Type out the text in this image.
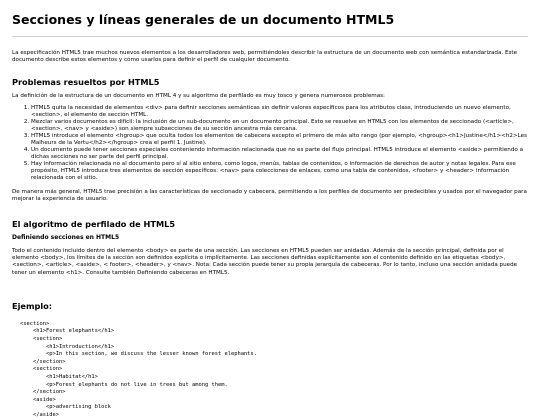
Secciones y líneas generales de un documento HTML5

La especificación HTML5 trae muchos nuevos elementos a los desarrolladores web, permitiéndoles describir la estructura de un documento web con semántica estandarizada. Este documento describe estos elementos y cómo usarlos para definir el perfil de cualquier documento.

Problemas resueltos por HTML5

La definición de la estructura de un documento en HTML 4 y su algoritmo de perfilado es muy tosco y genera numerosos problemas:

1. HTML5 quita la necesidad de elementos <div> para definir secciones semánticas sin definir valores específicos para los atributos class, introduciendo un nuevo elemento, <section>, el elemento de sección HTML.
2. Mezclar varios documentos es difícil: la inclusión de un sub-documento en un documento principal. Esto se resuelve en HTML5 con los elementos de seccionado (<article>, <section>, <nav> y <aside>) son siempre subsecciones de su sección ancestra más cercana.
3. HTML5 introduce el elemento <hgroup> que oculta todos los elementos de cabecera excepto el primero de más alto rango (por ejemplo, <hgroup><h1>Justine</h1><h2>Les Malheurs de la Vertu</h2></hgroup> crea el perfil 1. Justine).
4. Un documento puede tener secciones especiales conteniendo información relacionada que no es parte del flujo principal. HTML5 introduce el elemento <aside> permitiendo a dichas secciones no ser parte del perfil principal.
5. Hay información relacionada no al documento pero sí al sitio entero, como logos, menús, tablas de contenidos, o información de derechos de autor y notas legales. Para ese propósito, HTML5 introduce tres elementos de sección específicos: <nav> para colecciones de enlaces, como una tabla de contenidos, <footer> y <header> información relacionada con el sitio.

De manera más general, HTML5 trae precisión a las características de seccionado y cabecera, permitiendo a los perfiles de documento ser predecibles y usados por el navegador para mejorar la experiencia de usuario.

El algoritmo de perfilado de HTML5
Definiendo secciones en HTML5

Todo el contenido incluido dentro del elemento <body> es parte de una sección. Las secciones en HTML5 pueden ser anidadas. Además de la sección principal, definida por el elemento <body>, los límites de la sección son definidos explícita o implícitamente. Las secciones definidas explícitamente son el contenido definido en las etiquetas <body>, <section>, <article>, <aside>, < footer>, <header>, y <nav>. Nota: Cada sección puede tener su propia jerarquía de cabeceras. Por lo tanto, incluso una sección anidada puede tener un elemento <h1>. Consulte también Definiendo cabeceras en HTML5.

Ejemplo:
<section>
<h1>Forest elephants</h1>
<section>
<h1>Introduction</h1>
<p>In this section, we discuss the lesser known forest elephants.
</section>
<section>
<h1>Habitat</h1>
<p>Forest elephants do not live in trees but among them.
</section>
<aside>
<p>advertising block
</aside>
